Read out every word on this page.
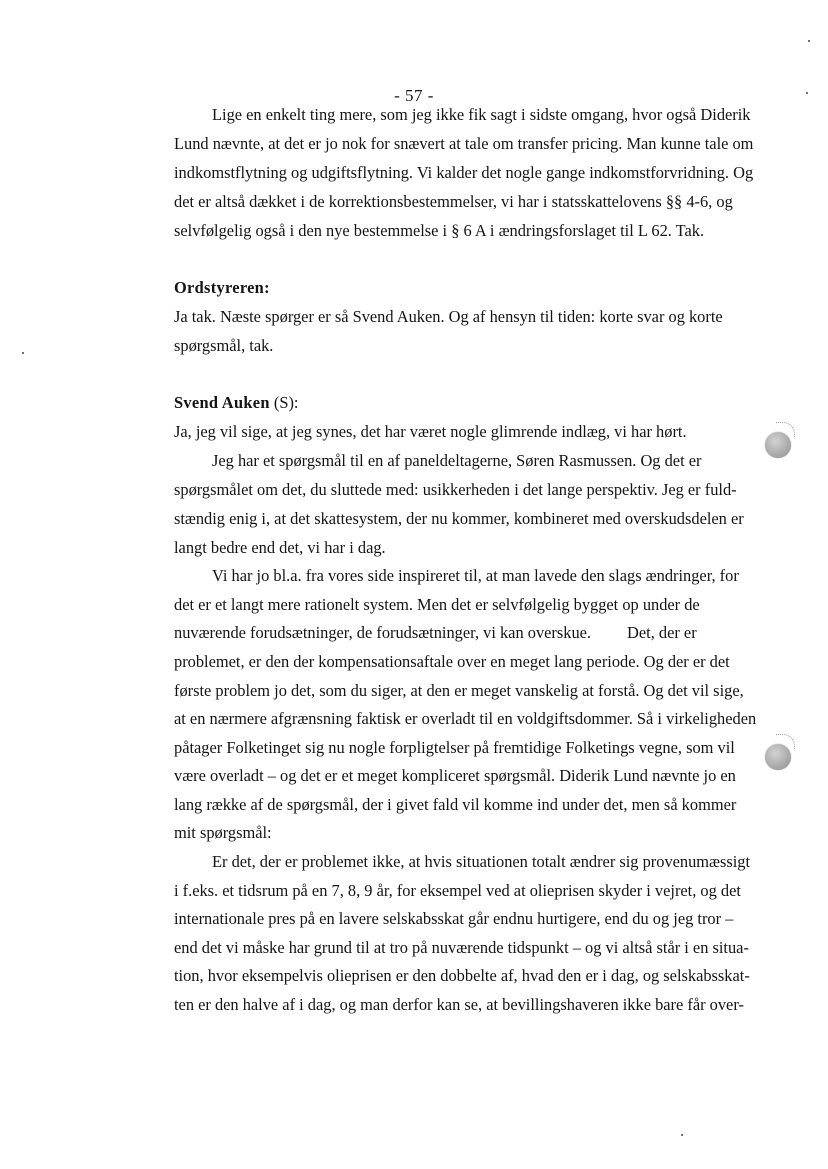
- 57 -
Lige en enkelt ting mere, som jeg ikke fik sagt i sidste omgang, hvor også Diderik
Lund nævnte, at det er jo nok for snævert at tale om transfer pricing. Man kunne tale om
indkomstflytning og udgiftsflytning. Vi kalder det nogle gange indkomstforvridning. Og
det er altså dækket i de korrektionsbestemmelser, vi har i statsskattelovens §§ 4-6, og
selvfølgelig også i den nye bestemmelse i § 6 A i ændringsforslaget til L 62. Tak.
Ordstyreren:
Ja tak. Næste spørger er så Svend Auken. Og af hensyn til tiden: korte svar og korte
spørgsmål, tak.
Svend Auken (S):
Ja, jeg vil sige, at jeg synes, det har været nogle glimrende indlæg, vi har hørt.
Jeg har et spørgsmål til en af paneldeltagerne, Søren Rasmussen. Og det er
spørgsmålet om det, du sluttede med: usikkerheden i det lange perspektiv. Jeg er fuld-
stændig enig i, at det skattesystem, der nu kommer, kombineret med overskudsdelen er
langt bedre end det, vi har i dag.
Vi har jo bl.a. fra vores side inspireret til, at man lavede den slags ændringer, for
det er et langt mere rationelt system. Men det er selvfølgelig bygget op under de
nuværende forudsætninger, de forudsætninger, vi kan overskue. Det, der er
problemet, er den der kompensationsaftale over en meget lang periode. Og der er det
første problem jo det, som du siger, at den er meget vanskelig at forstå. Og det vil sige,
at en nærmere afgrænsning faktisk er overladt til en voldgiftsdommer. Så i virkeligheden
påtager Folketinget sig nu nogle forpligtelser på fremtidige Folketings vegne, som vil
være overladt – og det er et meget kompliceret spørgsmål. Diderik Lund nævnte jo en
lang række af de spørgsmål, der i givet fald vil komme ind under det, men så kommer
mit spørgsmål:
Er det, der er problemet ikke, at hvis situationen totalt ændrer sig provenumæssigt
i f.eks. et tidsrum på en 7, 8, 9 år, for eksempel ved at olieprisen skyder i vejret, og det
internationale pres på en lavere selskabsskat går endnu hurtigere, end du og jeg tror –
end det vi måske har grund til at tro på nuværende tidspunkt – og vi altså står i en situa-
tion, hvor eksempelvis olieprisen er den dobbelte af, hvad den er i dag, og selskabsskat-
ten er den halve af i dag, og man derfor kan se, at bevillingshaveren ikke bare får over-
